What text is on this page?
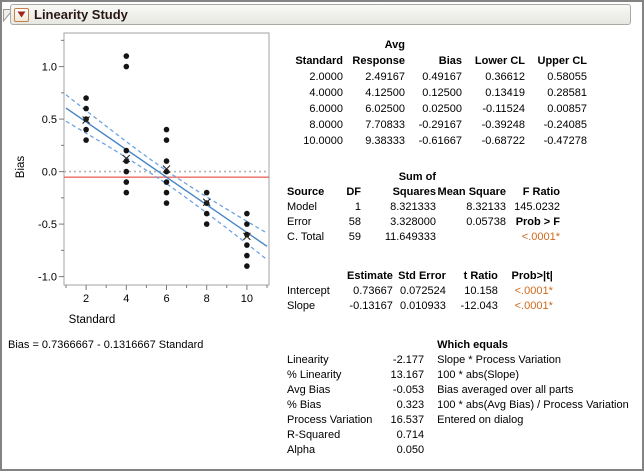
Linearity Study
2	4	6	8	10
-1.0
-0.5
0.0
0.5
1.0
Standard
Bias
Bias = 0.7366667 - 0.1316667 Standard
	Avg			
Standard	Response	Bias	Lower CL	Upper CL
2.0000	2.49167	0.49167	0.36612	0.58055
4.0000	4.12500	0.12500	0.13419	0.28581
6.0000	6.02500	0.02500	-0.11524	0.00857
8.0000	7.70833	-0.29167	-0.39248	-0.24085
10.0000	9.38333	-0.61667	-0.68722	-0.47278
		Sum of		
Source	DF	Squares	Mean Square	F Ratio
Model	1	8.321333	8.32133	145.0232
Error	58	3.328000	0.05738	Prob > F
C. Total	59	11.649333		<.0001*
	Estimate	Std Error	t Ratio	Prob>|t|
Intercept	0.73667	0.072524	10.158	<.0001*
Slope	-0.13167	0.010933	-12.043	<.0001*
		Which equals
Linearity	-2.177	Slope * Process Variation
% Linearity	13.167	100 * abs(Slope)
Avg Bias	-0.053	Bias averaged over all parts
% Bias	0.323	100 * abs(Avg Bias) / Process Variation
Process Variation	16.537	Entered on dialog
R-Squared	0.714	
Alpha	0.050	
